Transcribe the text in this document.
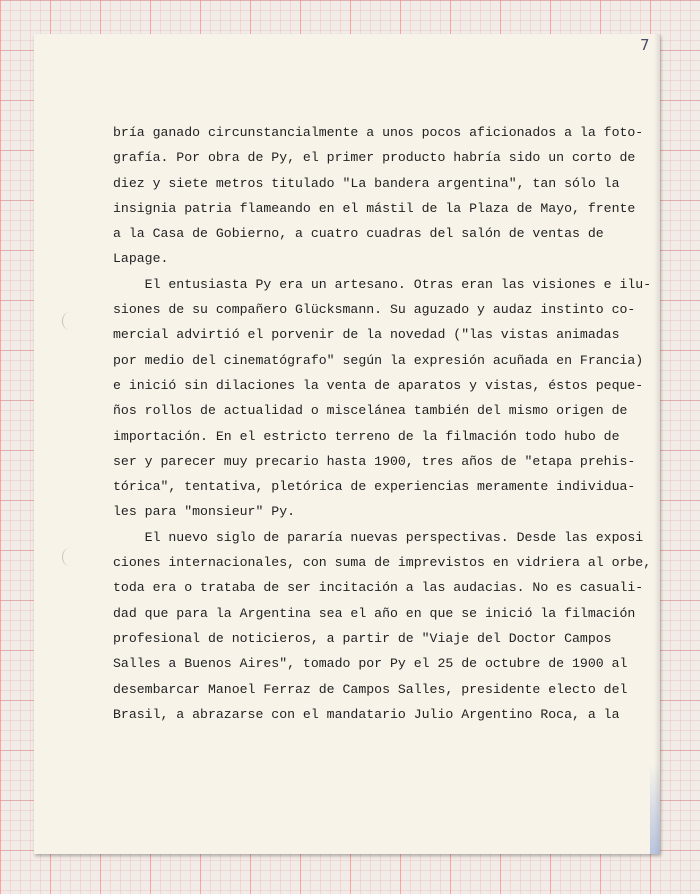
7
bría ganado circunstancialmente a unos pocos aficionados a la foto-
grafía. Por obra de Py, el primer producto habría sido un corto de
diez y siete metros titulado "La bandera argentina", tan sólo la
insignia patria flameando en el mástil de la Plaza de Mayo, frente
a la Casa de Gobierno, a cuatro cuadras del salón de ventas de
Lapage.
El entusiasta Py era un artesano. Otras eran las visiones e ilu-
siones de su compañero Glücksmann. Su aguzado y audaz instinto co-
mercial advirtió el porvenir de la novedad ("las vistas animadas
por medio del cinematógrafo" según la expresión acuñada en Francia)
e inició sin dilaciones la venta de aparatos y vistas, éstos peque-
ños rollos de actualidad o miscelánea también del mismo origen de
importación. En el estricto terreno de la filmación todo hubo de
ser y parecer muy precario hasta 1900, tres años de "etapa prehis-
tórica", tentativa, pletórica de experiencias meramente individua-
les para "monsieur" Py.
El nuevo siglo de pararía nuevas perspectivas. Desde las exposi
ciones internacionales, con suma de imprevistos en vidriera al orbe,
toda era o trataba de ser incitación a las audacias. No es casuali-
dad que para la Argentina sea el año en que se inició la filmación
profesional de noticieros, a partir de "Viaje del Doctor Campos
Salles a Buenos Aires", tomado por Py el 25 de octubre de 1900 al
desembarcar Manoel Ferraz de Campos Salles, presidente electo del
Brasil, a abrazarse con el mandatario Julio Argentino Roca, a la
